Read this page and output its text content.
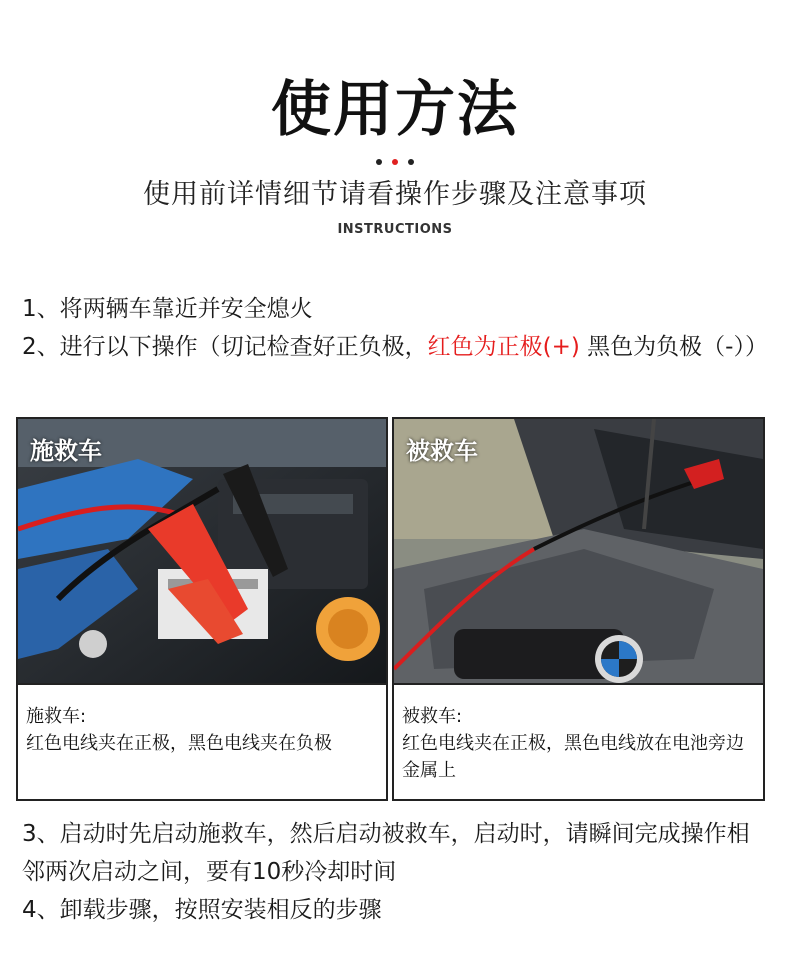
使用方法
使用前详情细节请看操作步骤及注意事项
INSTRUCTIONS

1、将两辆车靠近并安全熄火

2、进行以下操作（切记检查好正负极，红色为正极(+) 黑色为负极（-））

施救车

施救车:

红色电线夹在正极，黑色电线夹在负极

被救车

被救车:

红色电线夹在正极，黑色电线放在电池旁边金属上

3、启动时先启动施救车，然后启动被救车，启动时，请瞬间完成操作相邻两次启动之间，要有10秒冷却时间

4、卸载步骤，按照安装相反的步骤
